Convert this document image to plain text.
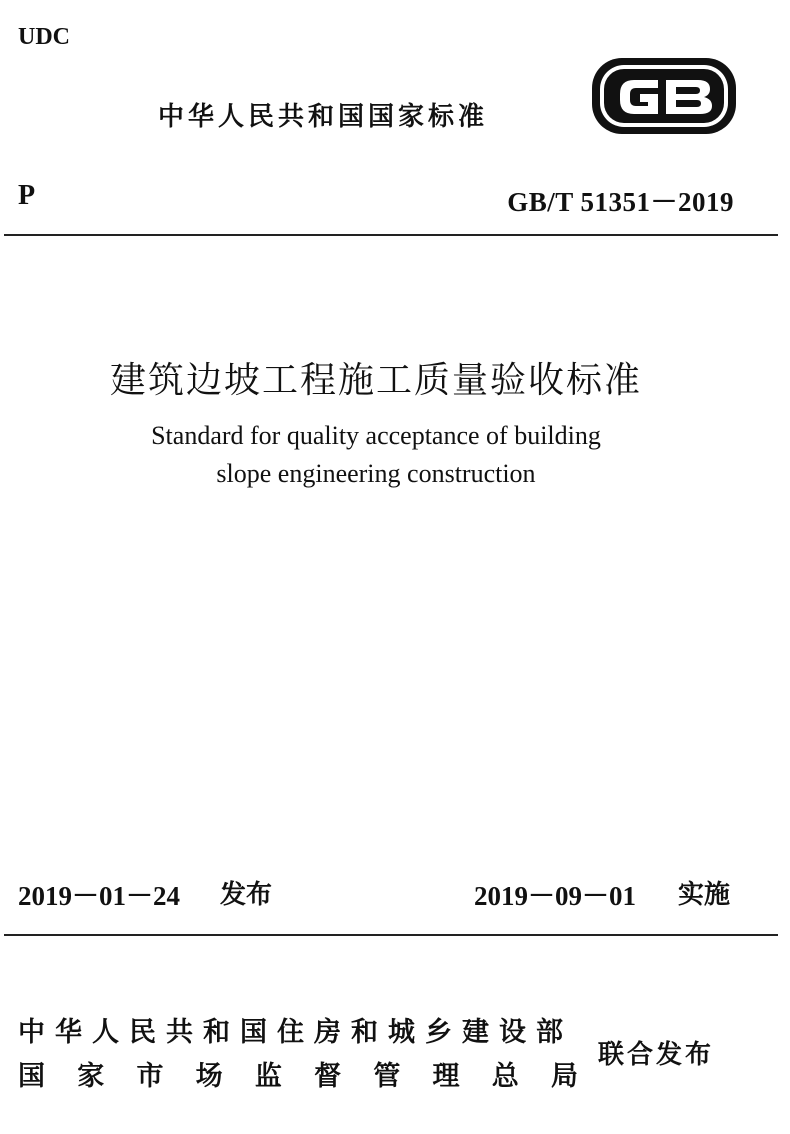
UDC
中华人民共和国国家标准
P	GB/T 51351－2019
建筑边坡工程施工质量验收标准
Standard for quality acceptance of building
slope engineering construction
2019－01－24 发布	2019－09－01 实施
中华人民共和国住房和城乡建设部
国 家 市 场 监 督 管 理 总 局
联合发布
